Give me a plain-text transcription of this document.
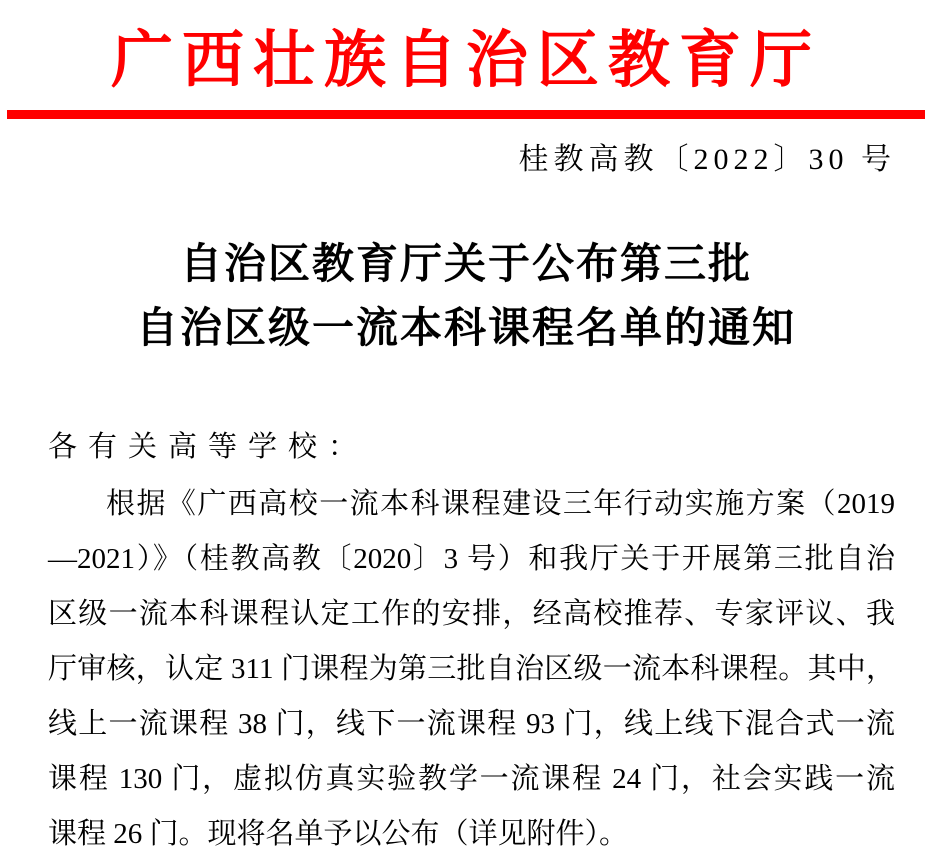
广西壮族自治区教育厅
桂教高教〔2022〕30 号
自治区教育厅关于公布第三批
自治区级一流本科课程名单的通知
各有关高等学校：
根据《广西高校一流本科课程建设三年行动实施方案（2019
—2021）》（桂教高教〔2020〕3 号）和我厅关于开展第三批自治
区级一流本科课程认定工作的安排，经高校推荐、专家评议、我
厅审核，认定 311 门课程为第三批自治区级一流本科课程。其中，
线上一流课程 38 门，线下一流课程 93 门，线上线下混合式一流
课程 130 门，虚拟仿真实验教学一流课程 24 门，社会实践一流
课程 26 门。现将名单予以公布（详见附件）。
